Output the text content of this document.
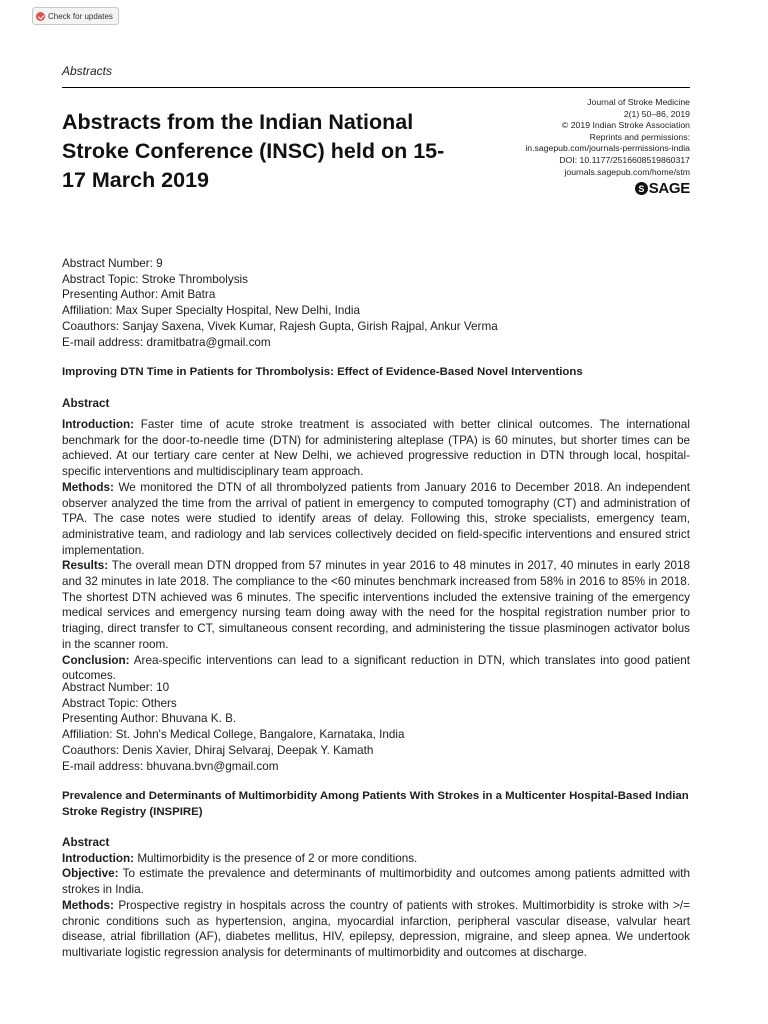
Check for updates
Abstracts
Abstracts from the Indian National Stroke Conference (INSC) held on 15-17 March 2019
Journal of Stroke Medicine
2(1) 50–86, 2019
© 2019 Indian Stroke Association
Reprints and permissions:
in.sagepub.com/journals-permissions-india
DOI: 10.1177/2516608519860317
journals.sagepub.com/home/stm
S SAGE
Abstract Number: 9
Abstract Topic: Stroke Thrombolysis
Presenting Author: Amit Batra
Affiliation: Max Super Specialty Hospital, New Delhi, India
Coauthors: Sanjay Saxena, Vivek Kumar, Rajesh Gupta, Girish Rajpal, Ankur Verma
E-mail address: dramitbatra@gmail.com
Improving DTN Time in Patients for Thrombolysis: Effect of Evidence-Based Novel Interventions
Abstract

Introduction: Faster time of acute stroke treatment is associated with better clinical outcomes. The international benchmark for the door-to-needle time (DTN) for administering alteplase (TPA) is 60 minutes, but shorter times can be achieved. At our tertiary care center at New Delhi, we achieved progressive reduction in DTN through local, hospital-specific interventions and multidisciplinary team approach.

Methods: We monitored the DTN of all thrombolyzed patients from January 2016 to December 2018. An independent observer analyzed the time from the arrival of patient in emergency to computed tomography (CT) and administration of TPA. The case notes were studied to identify areas of delay. Following this, stroke specialists, emergency team, administrative team, and radiology and lab services collectively decided on field-specific interventions and ensured strict implementation.

Results: The overall mean DTN dropped from 57 minutes in year 2016 to 48 minutes in 2017, 40 minutes in early 2018 and 32 minutes in late 2018. The compliance to the <60 minutes benchmark increased from 58% in 2016 to 85% in 2018. The shortest DTN achieved was 6 minutes. The specific interventions included the extensive training of the emergency medical services and emergency nursing team doing away with the need for the hospital registration number prior to triaging, direct transfer to CT, simultaneous consent recording, and administering the tissue plasminogen activator bolus in the scanner room.

Conclusion: Area-specific interventions can lead to a significant reduction in DTN, which translates into good patient outcomes.

Abstract Number: 10
Abstract Topic: Others
Presenting Author: Bhuvana K. B.
Affiliation: St. John's Medical College, Bangalore, Karnataka, India
Coauthors: Denis Xavier, Dhiraj Selvaraj, Deepak Y. Kamath
E-mail address: bhuvana.bvn@gmail.com
Prevalence and Determinants of Multimorbidity Among Patients With Strokes in a Multicenter Hospital-Based Indian Stroke Registry (INSPIRE)
Abstract

Introduction: Multimorbidity is the presence of 2 or more conditions.

Objective: To estimate the prevalence and determinants of multimorbidity and outcomes among patients admitted with strokes in India.

Methods: Prospective registry in hospitals across the country of patients with strokes. Multimorbidity is stroke with >/= chronic conditions such as hypertension, angina, myocardial infarction, peripheral vascular disease, valvular heart disease, atrial fibrillation (AF), diabetes mellitus, HIV, epilepsy, depression, migraine, and sleep apnea. We undertook multivariate logistic regression analysis for determinants of multimorbidity and outcomes at discharge.
